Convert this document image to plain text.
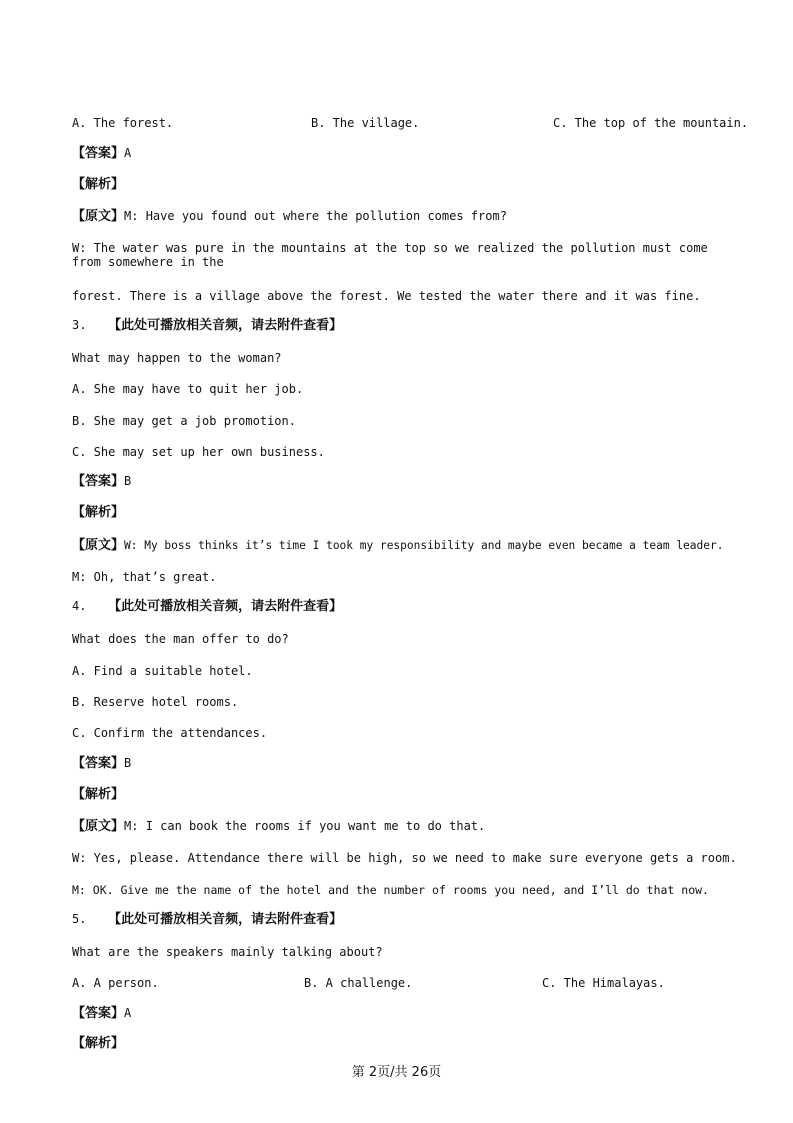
A. The forest.	B. The village.	C. The top of the mountain.
【答案】A
【解析】
【原文】M: Have you found out where the pollution comes from?
W: The water was pure in the mountains at the top so we realized the pollution must come from somewhere in the
forest. There is a village above the forest. We tested the water there and it was fine.
3. 【此处可播放相关音频，请去附件查看】
What may happen to the woman?
A. She may have to quit her job.
B. She may get a job promotion.
C. She may set up her own business.
【答案】B
【解析】
【原文】W: My boss thinks it’s time I took my responsibility and maybe even became a team leader.
M: Oh, that’s great.
4. 【此处可播放相关音频，请去附件查看】
What does the man offer to do?
A. Find a suitable hotel.
B. Reserve hotel rooms.
C. Confirm the attendances.
【答案】B
【解析】
【原文】M: I can book the rooms if you want me to do that.
W: Yes, please. Attendance there will be high, so we need to make sure everyone gets a room.
M: OK. Give me the name of the hotel and the number of rooms you need, and I’ll do that now.
5. 【此处可播放相关音频，请去附件查看】
What are the speakers mainly talking about?
A. A person.	B. A challenge.	C. The Himalayas.
【答案】A
【解析】
第 2页/共 26页
